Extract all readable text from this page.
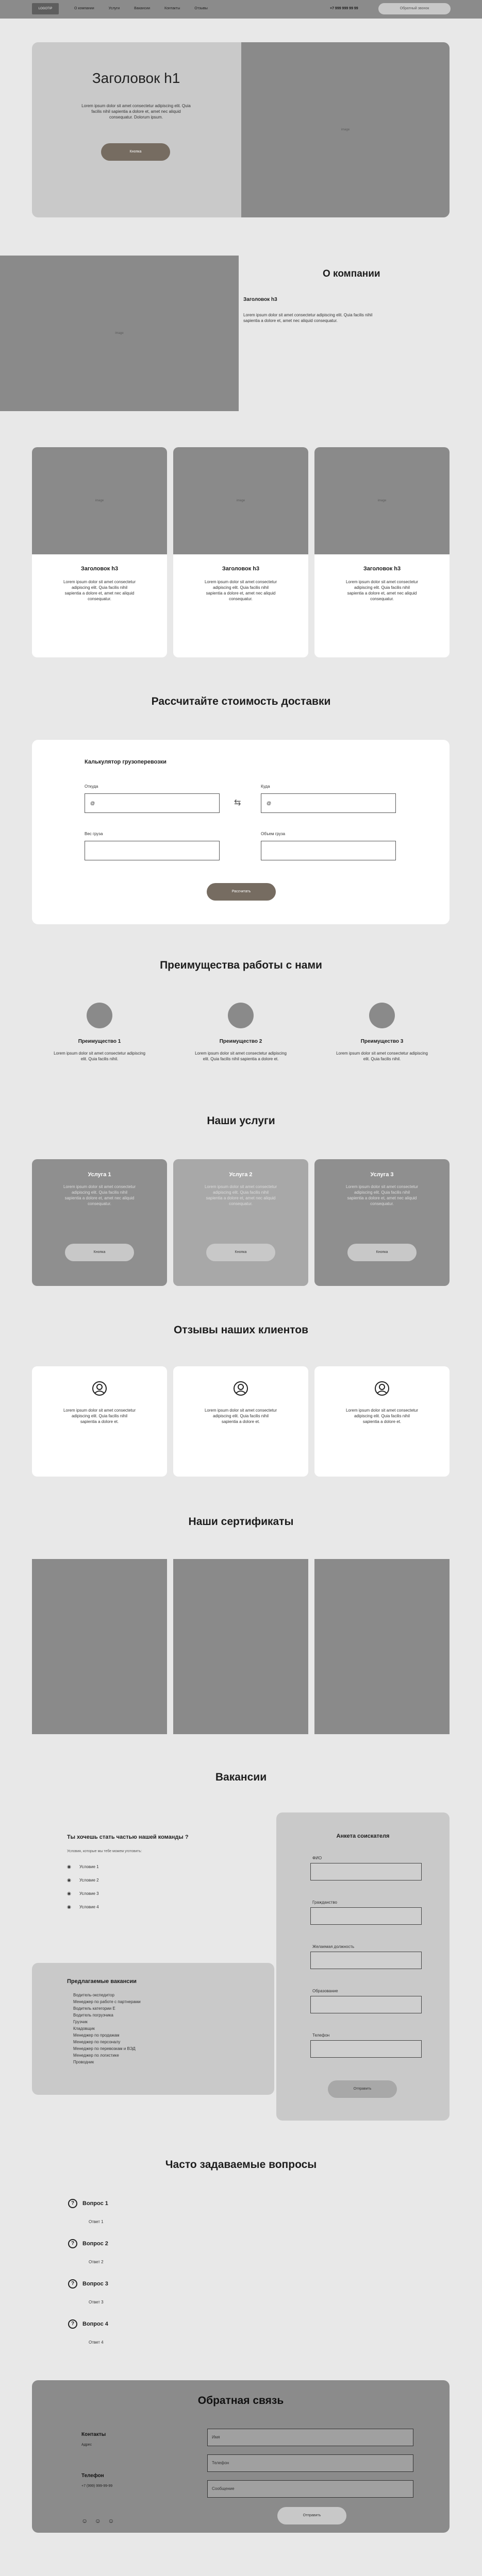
LOGOTIP	О компании	Услуги	Вакансии	Контакты	Отзывы	+7 999 999 99 99	Обратный звонок
Заголовок h1
Lorem ipsum dolor sit amet consectetur adipiscing elit. Quia facilis nihil sapientia a dolore et, amet nec aliquid consequatur. Dolorum ipsum.
Кнопка
image
image
О компании
Заголовок h3
Lorem ipsum dolor sit amet consectetur adipiscing elit. Quia facilis nihil sapientia a dolore et, amet nec aliquid consequatur.
image
Заголовок h3
Lorem ipsum dolor sit amet consectetur adipiscing elit. Quia facilis nihil sapientia a dolore et, amet nec aliquid consequatur.
image
Заголовок h3
Lorem ipsum dolor sit amet consectetur adipiscing elit. Quia facilis nihil sapientia a dolore et, amet nec aliquid consequatur.
image
Заголовок h3
Lorem ipsum dolor sit amet consectetur adipiscing elit. Quia facilis nihil sapientia a dolore et, amet nec aliquid consequatur.
Рассчитайте стоимость доставки
Калькулятор грузоперевозки
Откуда
@	⇆
Куда
@
Вес груза	Объем груза
Рассчитать
Преимущества работы с нами
Преимущество 1
Lorem ipsum dolor sit amet consectetur adipiscing elit. Quia facilis nihil.
Преимущество 2
Lorem ipsum dolor sit amet consectetur adipiscing elit. Quia facilis nihil sapientia a dolore et.
Преимущество 3
Lorem ipsum dolor sit amet consectetur adipiscing elit. Quia facilis nihil.
Наши услуги
Услуга 1
Lorem ipsum dolor sit amet consectetur adipiscing elit. Quia facilis nihil sapientia a dolore et, amet nec aliquid consequatur.
Кнопка
Услуга 2
Lorem ipsum dolor sit amet consectetur adipiscing elit. Quia facilis nihil sapientia a dolore et, amet nec aliquid consequatur.
Кнопка
Услуга 3
Lorem ipsum dolor sit amet consectetur adipiscing elit. Quia facilis nihil sapientia a dolore et, amet nec aliquid consequatur.
Кнопка
Отзывы наших клиентов
Lorem ipsum dolor sit amet consectetur adipiscing elit. Quia facilis nihil sapientia a dolore et.
Lorem ipsum dolor sit amet consectetur adipiscing elit. Quia facilis nihil sapientia a dolore et.
Lorem ipsum dolor sit amet consectetur adipiscing elit. Quia facilis nihil sapientia a dolore et.
Наши сертификаты
Вакансии
Ты хочешь стать частью нашей команды ?
Условия, которые мы тебе можем уготовить:
◉ Условие 1
◉ Условие 2
◉ Условие 3
◉ Условие 4
Предлагаемые вакансии
Водитель-экспедитор
Менеджер по работе с партнерами
Водитель категории Е
Водитель погрузчика
Грузчик
Кладовщик
Менеджер по продажам
Менеджер по персоналу
Менеджер по перевозкам и ВЭД
Менеджер по логистике
Проводник
Анкета соискателя
ФИО
Гражданство
Желаемая должность
Образование
Телефон
Отправить
Часто задаваемые вопросы
? Вопрос 1
Ответ 1
? Вопрос 2
Ответ 2
? Вопрос 3
Ответ 3
? Вопрос 4
Ответ 4
Обратная связь
Контакты
Адрес
Телефон
+7 (999) 999-99-99
☺ ☺ ☺
Имя
Телефон
Сообщение
Отправить
